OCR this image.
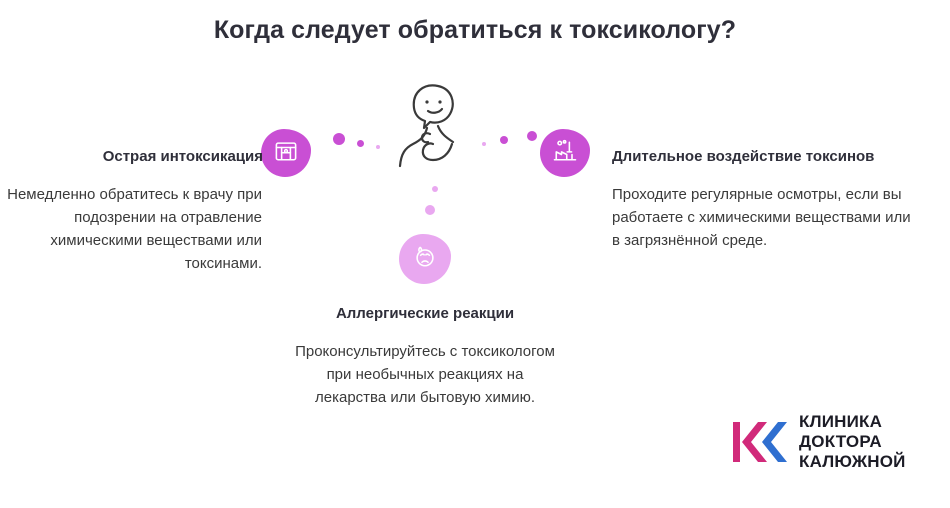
Когда следует обратиться к токсикологу?
Острая интоксикация
Немедленно обратитесь к врачу при подозрении на отравление химическими веществами или токсинами.
Длительное воздействие токсинов
Проходите регулярные осмотры, если вы работаете с химическими веществами или в загрязнённой среде.
Аллергические реакции
Проконсультируйтесь с токсикологом при необычных реакциях на лекарства или бытовую химию.
КЛИНИКА
ДОКТОРА
КАЛЮЖНОЙ
